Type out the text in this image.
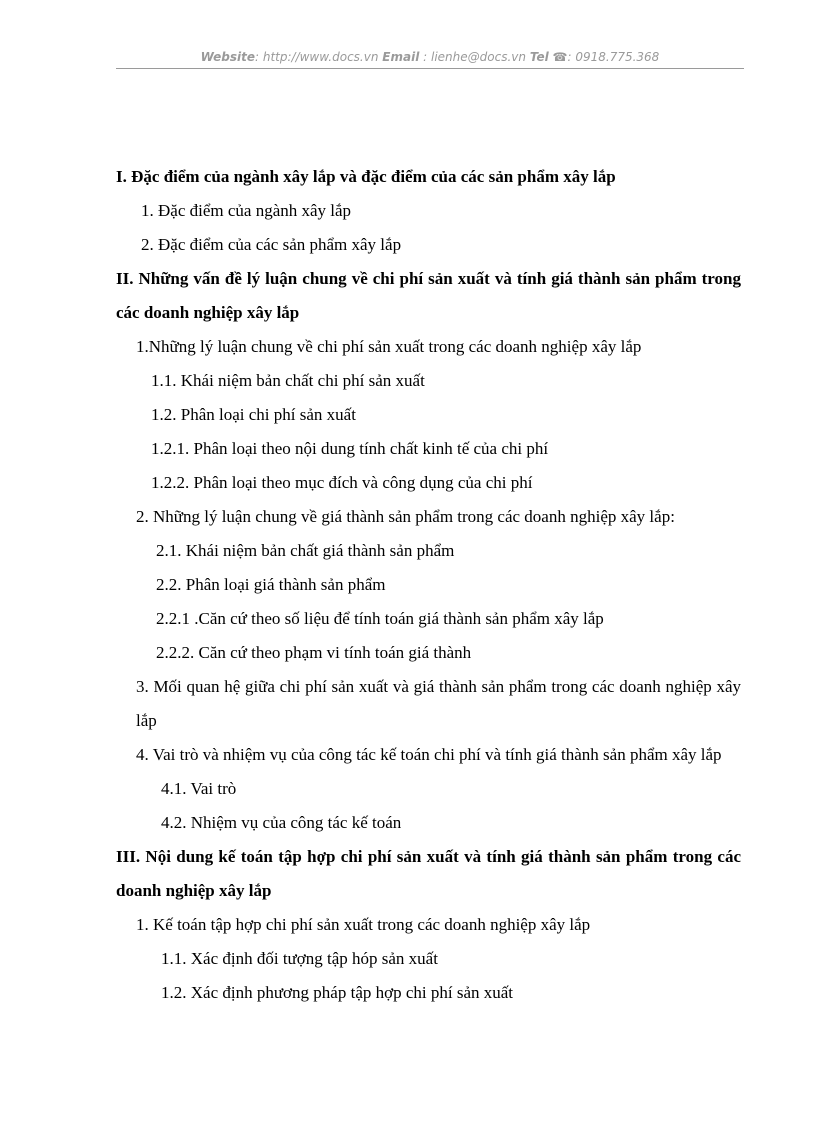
Website: http://www.docs.vn Email : lienhe@docs.vn Tel ☎: 0918.775.368
I. Đặc điểm của ngành xây lắp và đặc điểm của các sản phẩm xây lắp
1. Đặc điểm của ngành xây lắp
2. Đặc điểm của các sản phẩm xây lắp
II. Những vấn đề lý luận chung về chi phí sản xuất và tính giá thành sản phẩm trong các doanh nghiệp xây lắp
1.Những lý luận chung về chi phí sản xuất trong các doanh nghiệp xây lắp
1.1. Khái niệm bản chất chi phí sản xuất
1.2. Phân loại chi phí sản xuất
1.2.1. Phân loại theo nội dung tính chất kinh tế của chi phí
1.2.2. Phân loại theo mục đích và công dụng của chi phí
2. Những lý luận chung về giá thành sản phẩm trong các doanh nghiệp xây lắp:
2.1. Khái niệm bản chất giá thành sản phẩm
2.2. Phân loại giá thành sản phẩm
2.2.1 .Căn cứ theo số liệu để tính toán giá thành sản phẩm xây lắp
2.2.2. Căn cứ theo phạm vi tính toán giá thành
3. Mối quan hệ giữa chi phí sản xuất và giá thành sản phẩm trong các doanh nghiệp xây lắp
4. Vai trò và nhiệm vụ của công tác kế toán chi phí và tính giá thành sản phẩm xây lắp
4.1. Vai trò
4.2. Nhiệm vụ của công tác kế toán
III. Nội dung kế toán tập hợp chi phí sản xuất và tính giá thành sản phẩm trong các doanh nghiệp xây lắp
1. Kế toán tập hợp chi phí sản xuất trong các doanh nghiệp xây lắp
1.1. Xác định đối tượng tập hóp sản xuất
1.2. Xác định phương pháp tập hợp chi phí sản xuất
